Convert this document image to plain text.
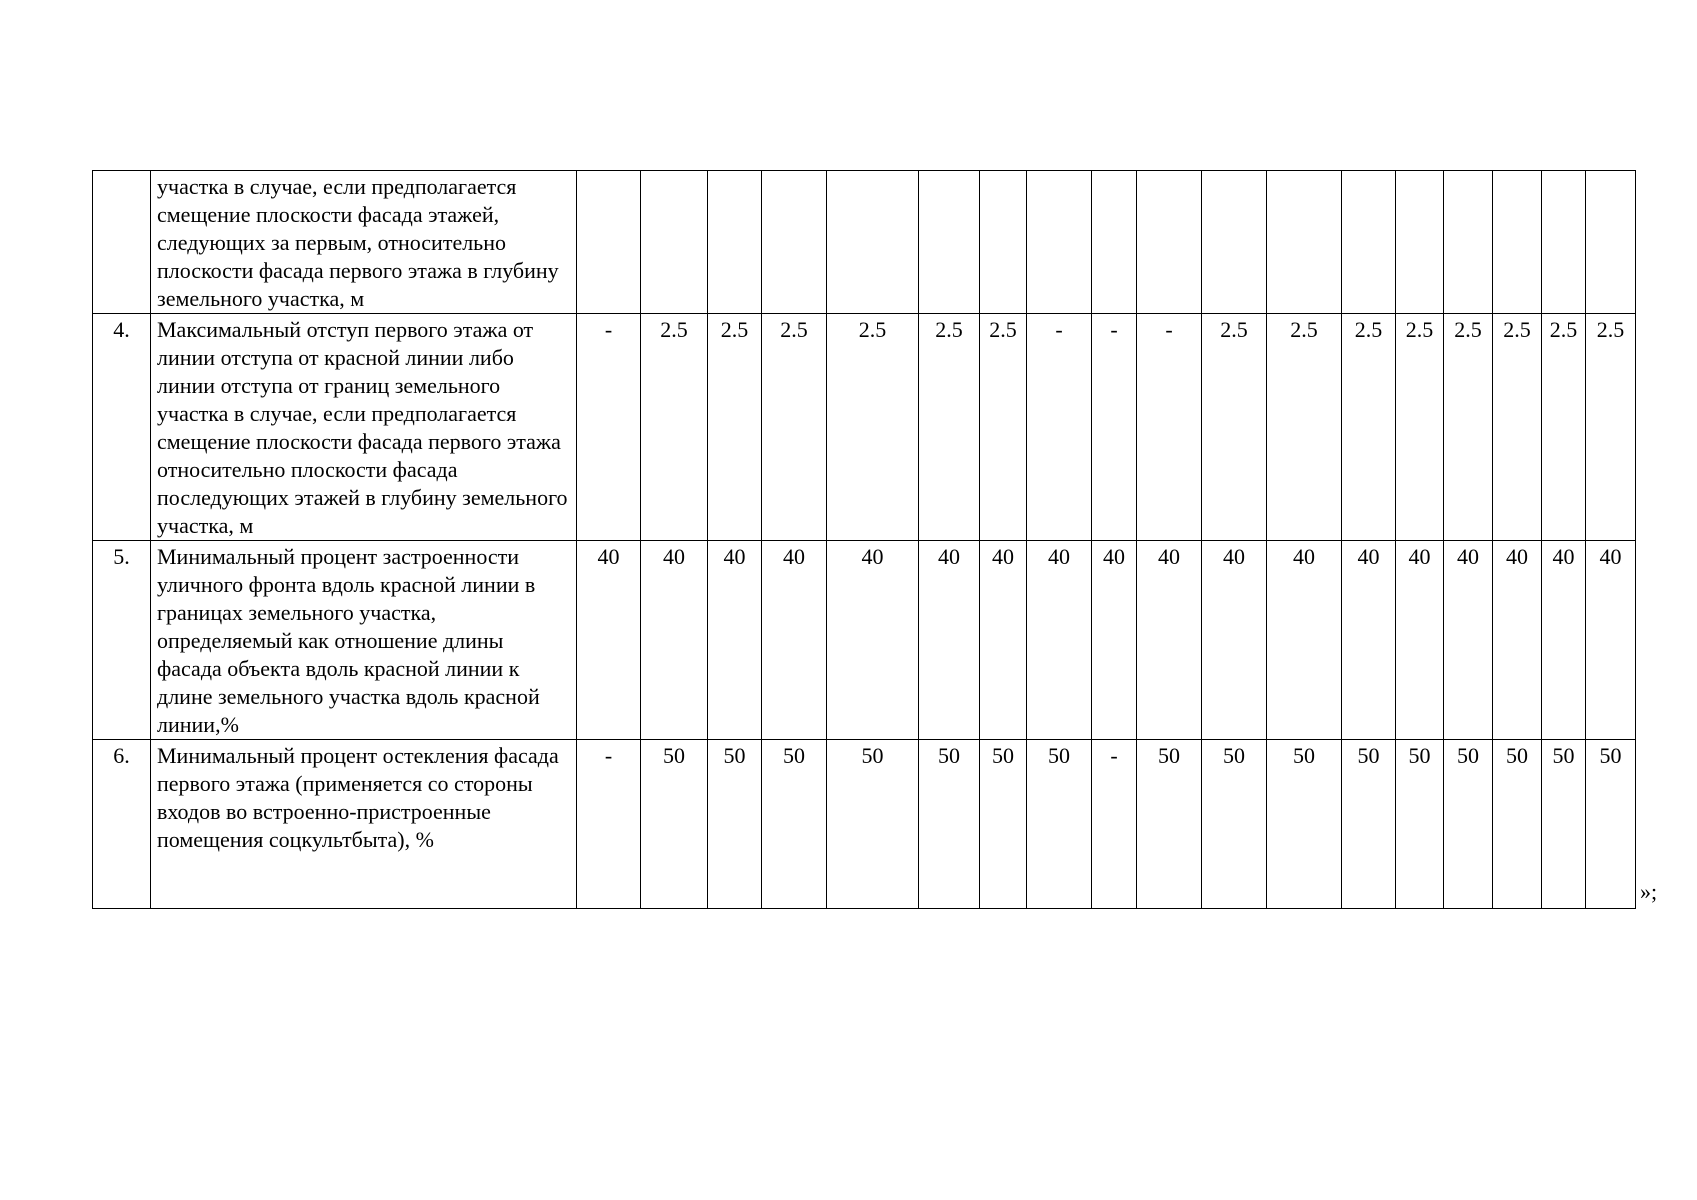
	участка в случае, если предполагается смещение плоскости фасада этажей, следующих за первым, относительно плоскости фасада первого этажа в глубину земельного участка, м																		
4.	Максимальный отступ первого этажа от линии отступа от красной линии либо линии отступа от границ земельного участка в случае, если предполагается смещение плоскости фасада первого этажа относительно плоскости фасада последующих этажей в глубину земельного участка, м	-	2.5	2.5	2.5	2.5	2.5	2.5	-	-	-	2.5	2.5	2.5	2.5	2.5	2.5	2.5	2.5
5.	Минимальный процент застроенности уличного фронта вдоль красной линии в границах земельного участка, определяемый как отношение длины фасада объекта вдоль красной линии к длине земельного участка вдоль красной линии,%	40	40	40	40	40	40	40	40	40	40	40	40	40	40	40	40	40	40
6.	Минимальный процент остекления фасада первого этажа (применяется со стороны входов во встроенно-пристроенные помещения соцкультбыта), %	-	50	50	50	50	50	50	50	-	50	50	50	50	50	50	50	50	50
»;
